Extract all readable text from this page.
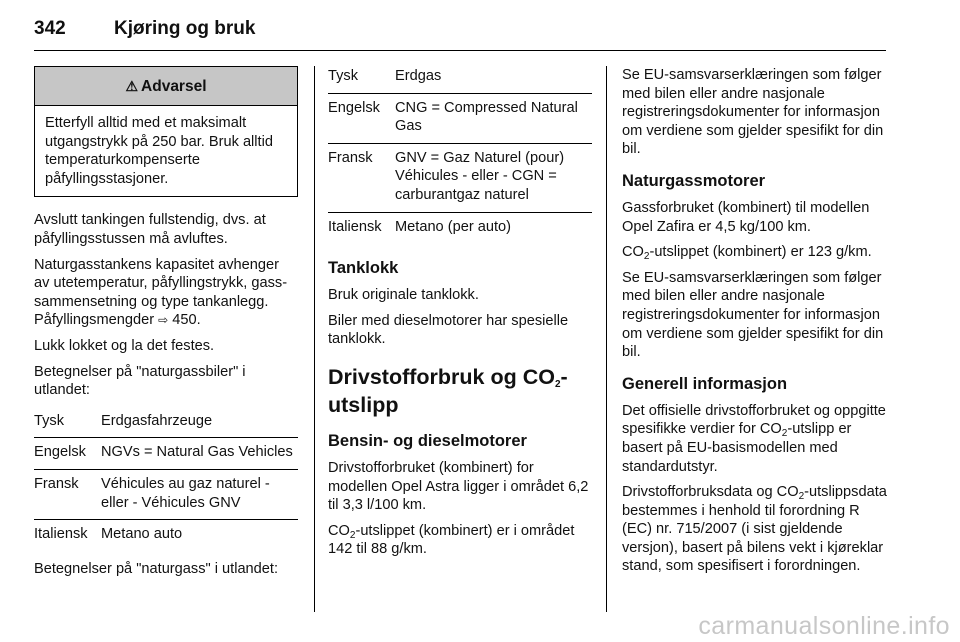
342	Kjøring og bruk
⚠ Advarsel
Etterfyll alltid med et maksimalt utgangstrykk på 250 bar. Bruk alltid temperaturkompenserte påfyllingsstasjoner.

Avslutt tankingen fullstendig, dvs. at påfyllingsstussen må avluftes.

Naturgasstankens kapasitet avhenger av utetemperatur, påfyllingstrykk, gass-sammensetning og type tankanlegg. Påfyllingsmengder ⇨ 450.

Lukk lokket og la det festes.

Betegnelser på "naturgassbiler" i utlandet:

Tysk	Erdgasfahrzeuge
Engelsk	NGVs = Natural Gas Vehicles
Fransk	Véhicules au gaz naturel - eller - Véhicules GNV
Italiensk	Metano auto

Betegnelser på "naturgass" i utlandet:

Tysk	Erdgas
Engelsk	CNG = Compressed Natural Gas
Fransk	GNV = Gaz Naturel (pour) Véhicules - eller - CGN = carburantgaz naturel
Italiensk	Metano (per auto)
Tanklokk

Bruk originale tanklokk.

Biler med dieselmotorer har spesielle tanklokk.

Drivstofforbruk og $CO_2$-utslipp
Bensin- og dieselmotorer

Drivstofforbruket (kombinert) for modellen Opel Astra ligger i området 6,2 til 3,3 l/100 km.

$CO_2$-utslippet (kombinert) er i området 142 til 88 g/km.

Se EU-samsvarserklæringen som følger med bilen eller andre nasjonale registreringsdokumenter for informasjon om verdiene som gjelder spesifikt for din bil.

Naturgassmotorer

Gassforbruket (kombinert) til modellen Opel Zafira er 4,5 kg/100 km.

$CO_2$-utslippet (kombinert) er 123 g/km.

Se EU-samsvarserklæringen som følger med bilen eller andre nasjonale registreringsdokumenter for informasjon om verdiene som gjelder spesifikt for din bil.

Generell informasjon

Det offisielle drivstofforbruket og oppgitte spesifikke verdier for $CO_2$-utslipp er basert på EU-basismodellen med standardutstyr.

Drivstofforbruksdata og $CO_2$-utslippsdata bestemmes i henhold til forordning R (EC) nr. 715/2007 (i sist gjeldende versjon), basert på bilens vekt i kjøreklar stand, som spesifisert i forordningen.

carmanualsonline.info
